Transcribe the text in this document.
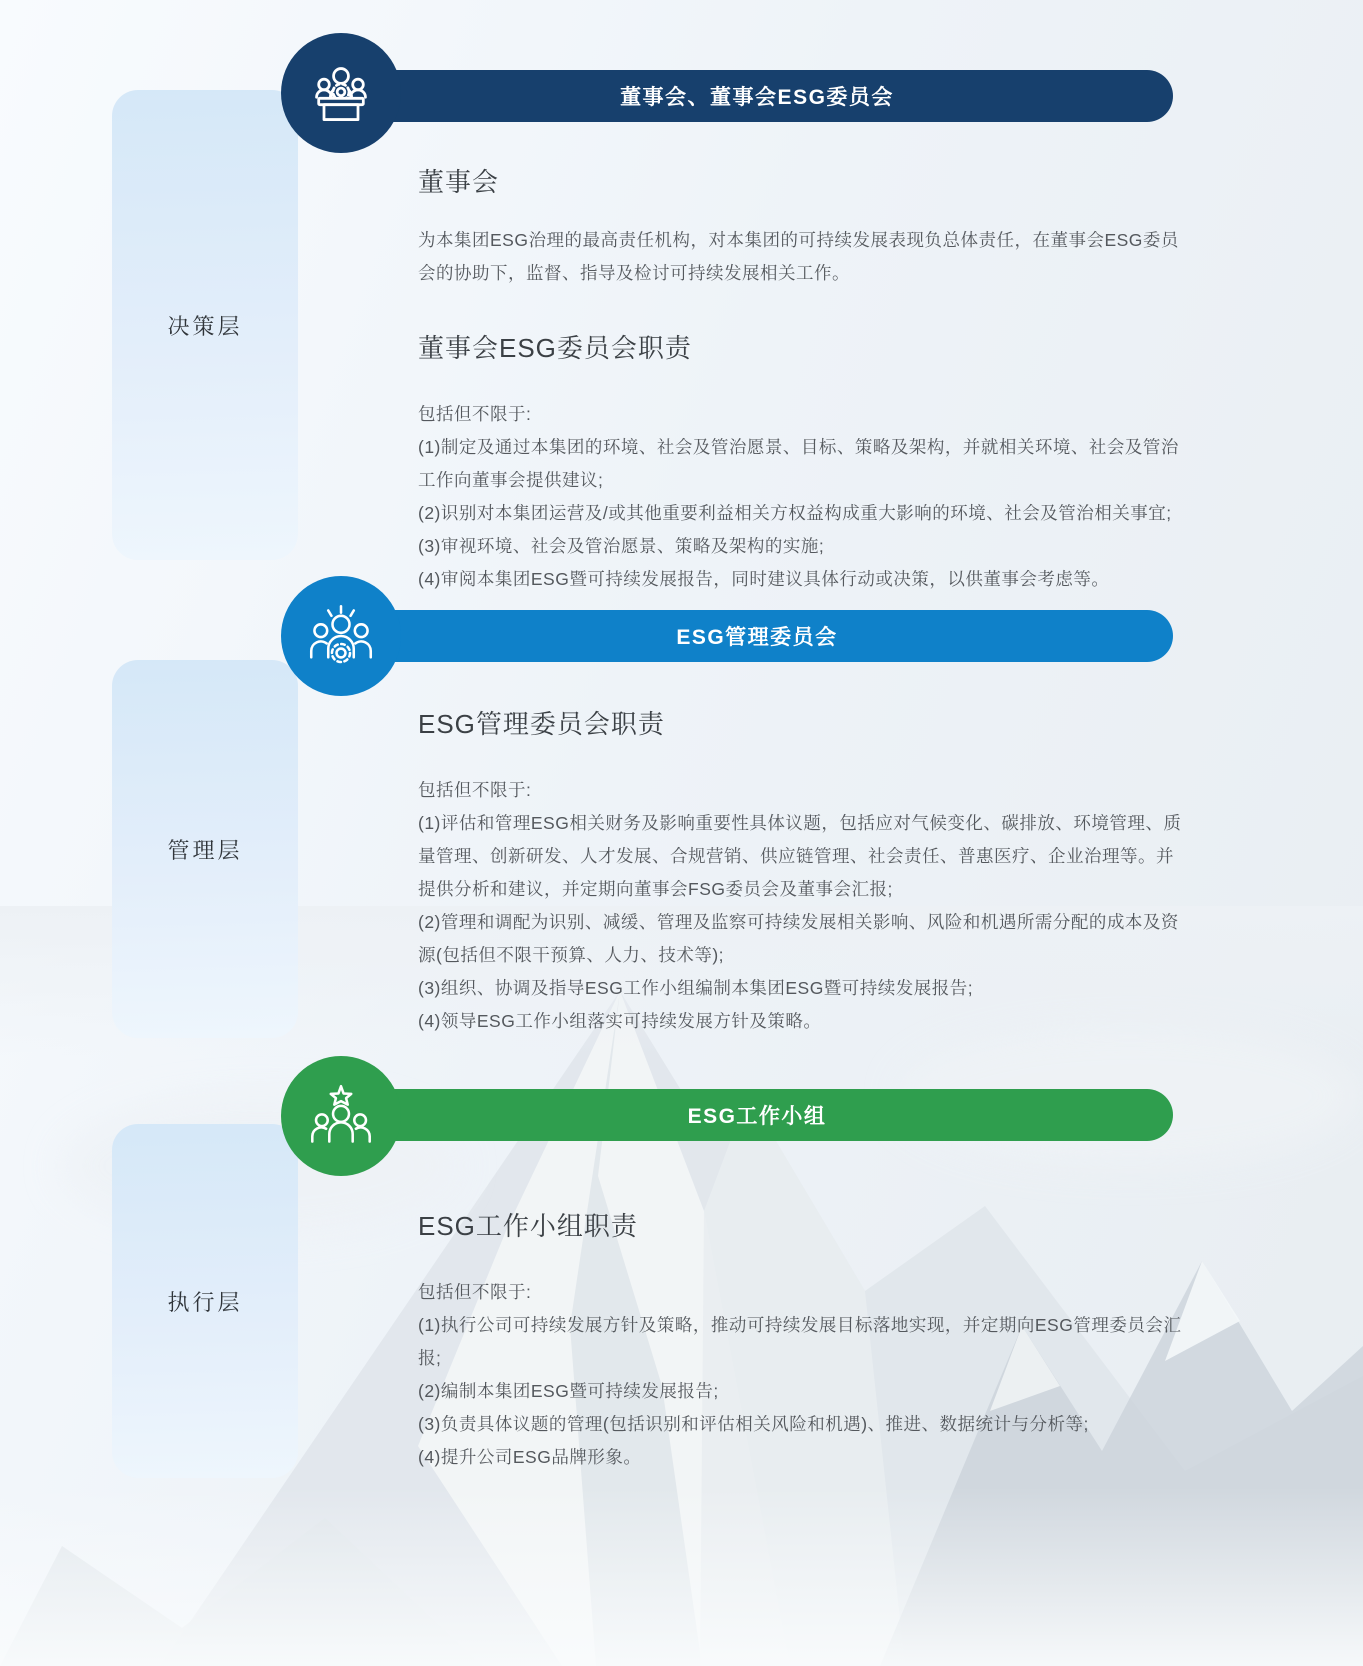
决策层
董事会、董事会ESG委员会
董事会

为本集团ESG治理的最高责任机构，对本集团的可持续发展表现负总体责任，在董事会ESG委员会的协助下，监督、指导及检讨可持续发展相关工作。

董事会ESG委员会职责

包括但不限于:

(1)制定及通过本集团的环境、社会及管治愿景、目标、策略及架构，并就相关环境、社会及管治工作向董事会提供建议;
(2)识别对本集团运营及/或其他重要利益相关方权益构成重大影响的环境、社会及管治相关事宜;
(3)审视环境、社会及管治愿景、策略及架构的实施;
(4)审阅本集团ESG暨可持续发展报告，同时建议具体行动或决策，以供董事会考虑等。
管理层
ESG管理委员会
ESG管理委员会职责

包括但不限于:

(1)评估和管理ESG相关财务及影响重要性具体议题，包括应对气候变化、碳排放、环境管理、质量管理、创新研发、人才发展、合规营销、供应链管理、社会责任、普惠医疗、企业治理等。并提供分析和建议，并定期向董事会FSG委员会及董事会汇报;
(2)管理和调配为识别、减缓、管理及监察可持续发展相关影响、风险和机遇所需分配的成本及资源(包括但不限干预算、人力、技术等);
(3)组织、协调及指导ESG工作小组编制本集团ESG暨可持续发展报告;
(4)领导ESG工作小组落实可持续发展方针及策略。
执行层
ESG工作小组
ESG工作小组职责

包括但不限于:

(1)执行公司可持续发展方针及策略，推动可持续发展目标落地实现，并定期向ESG管理委员会汇报;
(2)编制本集团ESG暨可持续发展报告;
(3)负责具体议题的管理(包括识别和评估相关风险和机遇)、推进、数据统计与分析等;
(4)提升公司ESG品牌形象。
